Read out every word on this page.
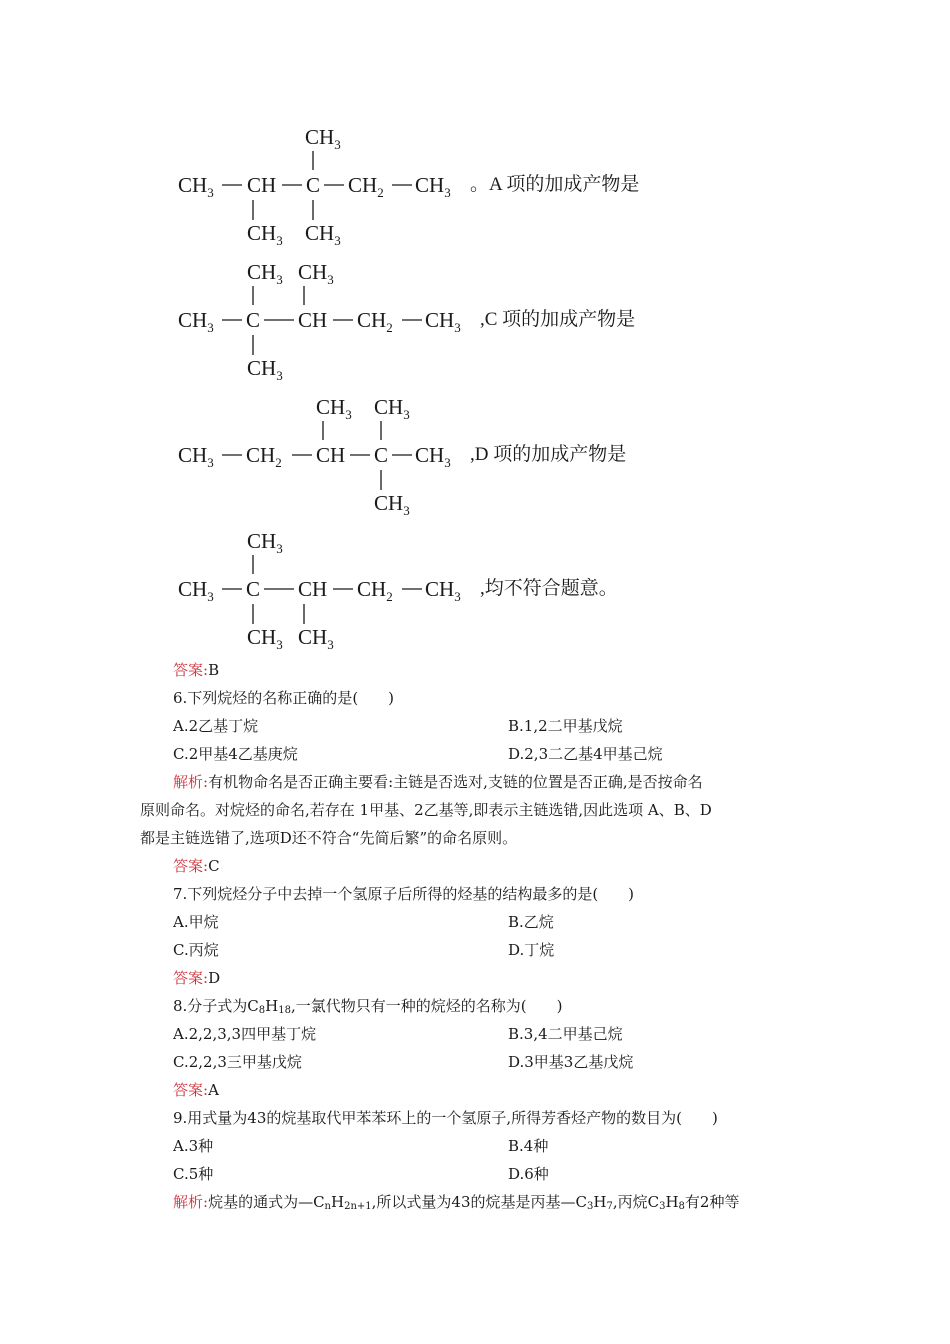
$CH_3$
$CH_3$ CH C $CH_2$ $CH_3$ 。A 项的加成产物是
$CH_3$ $CH_3$
$CH_3$ $CH_3$
$CH_3$ C CH $CH_2$ $CH_3$ ,C 项的加成产物是
$CH_3$
$CH_3$ $CH_3$
$CH_3$ $CH_2$ CH C $CH_3$ ,D 项的加成产物是
$CH_3$
$CH_3$
$CH_3$ C CH $CH_2$ $CH_3$ ,均不符合题意。
$CH_3$ $CH_3$
答案:B
6.下列烷烃的名称正确的是(　　)
A.2乙基丁烷	B.1,2二甲基戊烷
C.2甲基4乙基庚烷	D.2,3二乙基4甲基己烷
解析:有机物命名是否正确主要看:主链是否选对,支链的位置是否正确,是否按命名
原则命名。对烷烃的命名,若存在 1甲基、2乙基等,即表示主链选错,因此选项 A、B、D
都是主链选错了,选项D还不符合“先简后繁”的命名原则。
答案:C
7.下列烷烃分子中去掉一个氢原子后所得的烃基的结构最多的是(　　)
A.甲烷	B.乙烷
C.丙烷	D.丁烷
答案:D
8.分子式为C8H18,一氯代物只有一种的烷烃的名称为(　　)
A.2,2,3,3四甲基丁烷	B.3,4二甲基己烷
C.2,2,3三甲基戊烷	D.3甲基3乙基戊烷
答案:A
9.用式量为43的烷基取代甲苯苯环上的一个氢原子,所得芳香烃产物的数目为(　　)
A.3种	B.4种
C.5种	D.6种
解析:烷基的通式为—CnH2n+1,所以式量为43的烷基是丙基—C3H7,丙烷C3H8有2种等
